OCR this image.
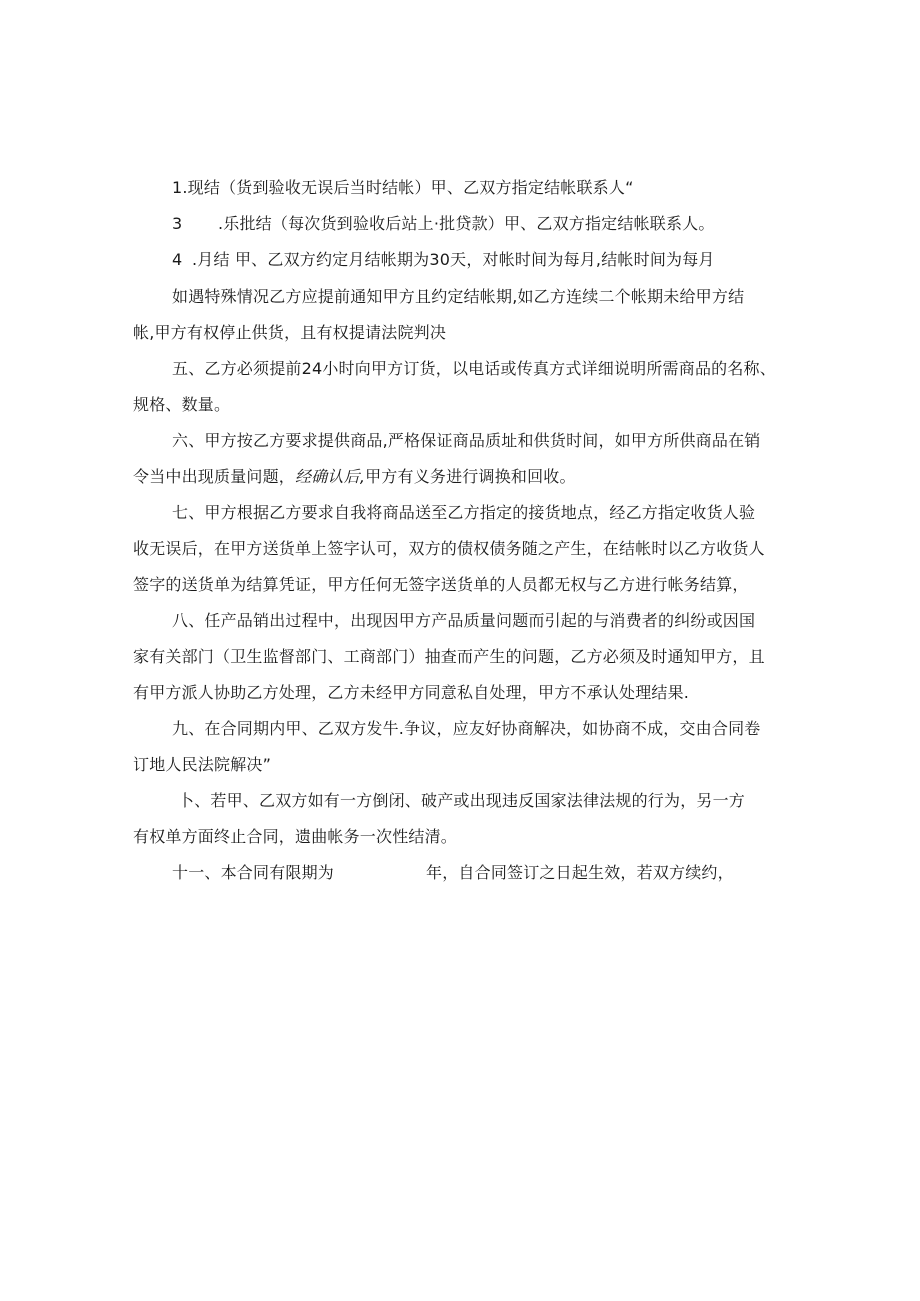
1.现结（货到验收无误后当时结帐）甲、乙双方指定结帐联系人“
3 .乐批结（每次货到验收后站上·批贷款）甲、乙双方指定结帐联系人。
4 .月结 甲、乙双方约定月结帐期为30天，对帐时间为每月,结帐时间为每月
如遇特殊情况乙方应提前通知甲方且约定结帐期,如乙方连续二个帐期未给甲方结
帐,甲方有权停止供货，且有权提请法院判决
五、乙方必须提前24小时向甲方订货，以电话或传真方式详细说明所需商品的名称、
规格、数量。
六、甲方按乙方要求提供商品,严格保证商品质址和供货时间，如甲方所供商品在销
令当中出现质量问题，经确认后,甲方有义务进行调换和回收。
七、甲方根据乙方要求自我将商品送至乙方指定的接货地点，经乙方指定收货人验
收无误后，在甲方送货单上签字认可，双方的债权债务随之产生，在结帐时以乙方收货人
签字的送货单为结算凭证，甲方任何无签字送货单的人员都无权与乙方进行帐务结算，
八、任产品销出过程中，出现因甲方产品质量问题而引起的与消费者的纠纷或因国
家有关部门（卫生监督部门、工商部门）抽查而产生的问题，乙方必须及时通知甲方，且
有甲方派人协助乙方处理，乙方未经甲方同意私自处理，甲方不承认处理结果.
九、在合同期内甲、乙双方发牛.争议，应友好协商解决，如协商不成，交由合同卷
订地人民法院解决”
卜、若甲、乙双方如有一方倒闭、破产或出现违反国家法律法规的行为，另一方
有权单方面终止合同，遗曲帐务一次性结清。
十一、本合同有限期为	年，自合同签订之日起生效，若双方续约，
